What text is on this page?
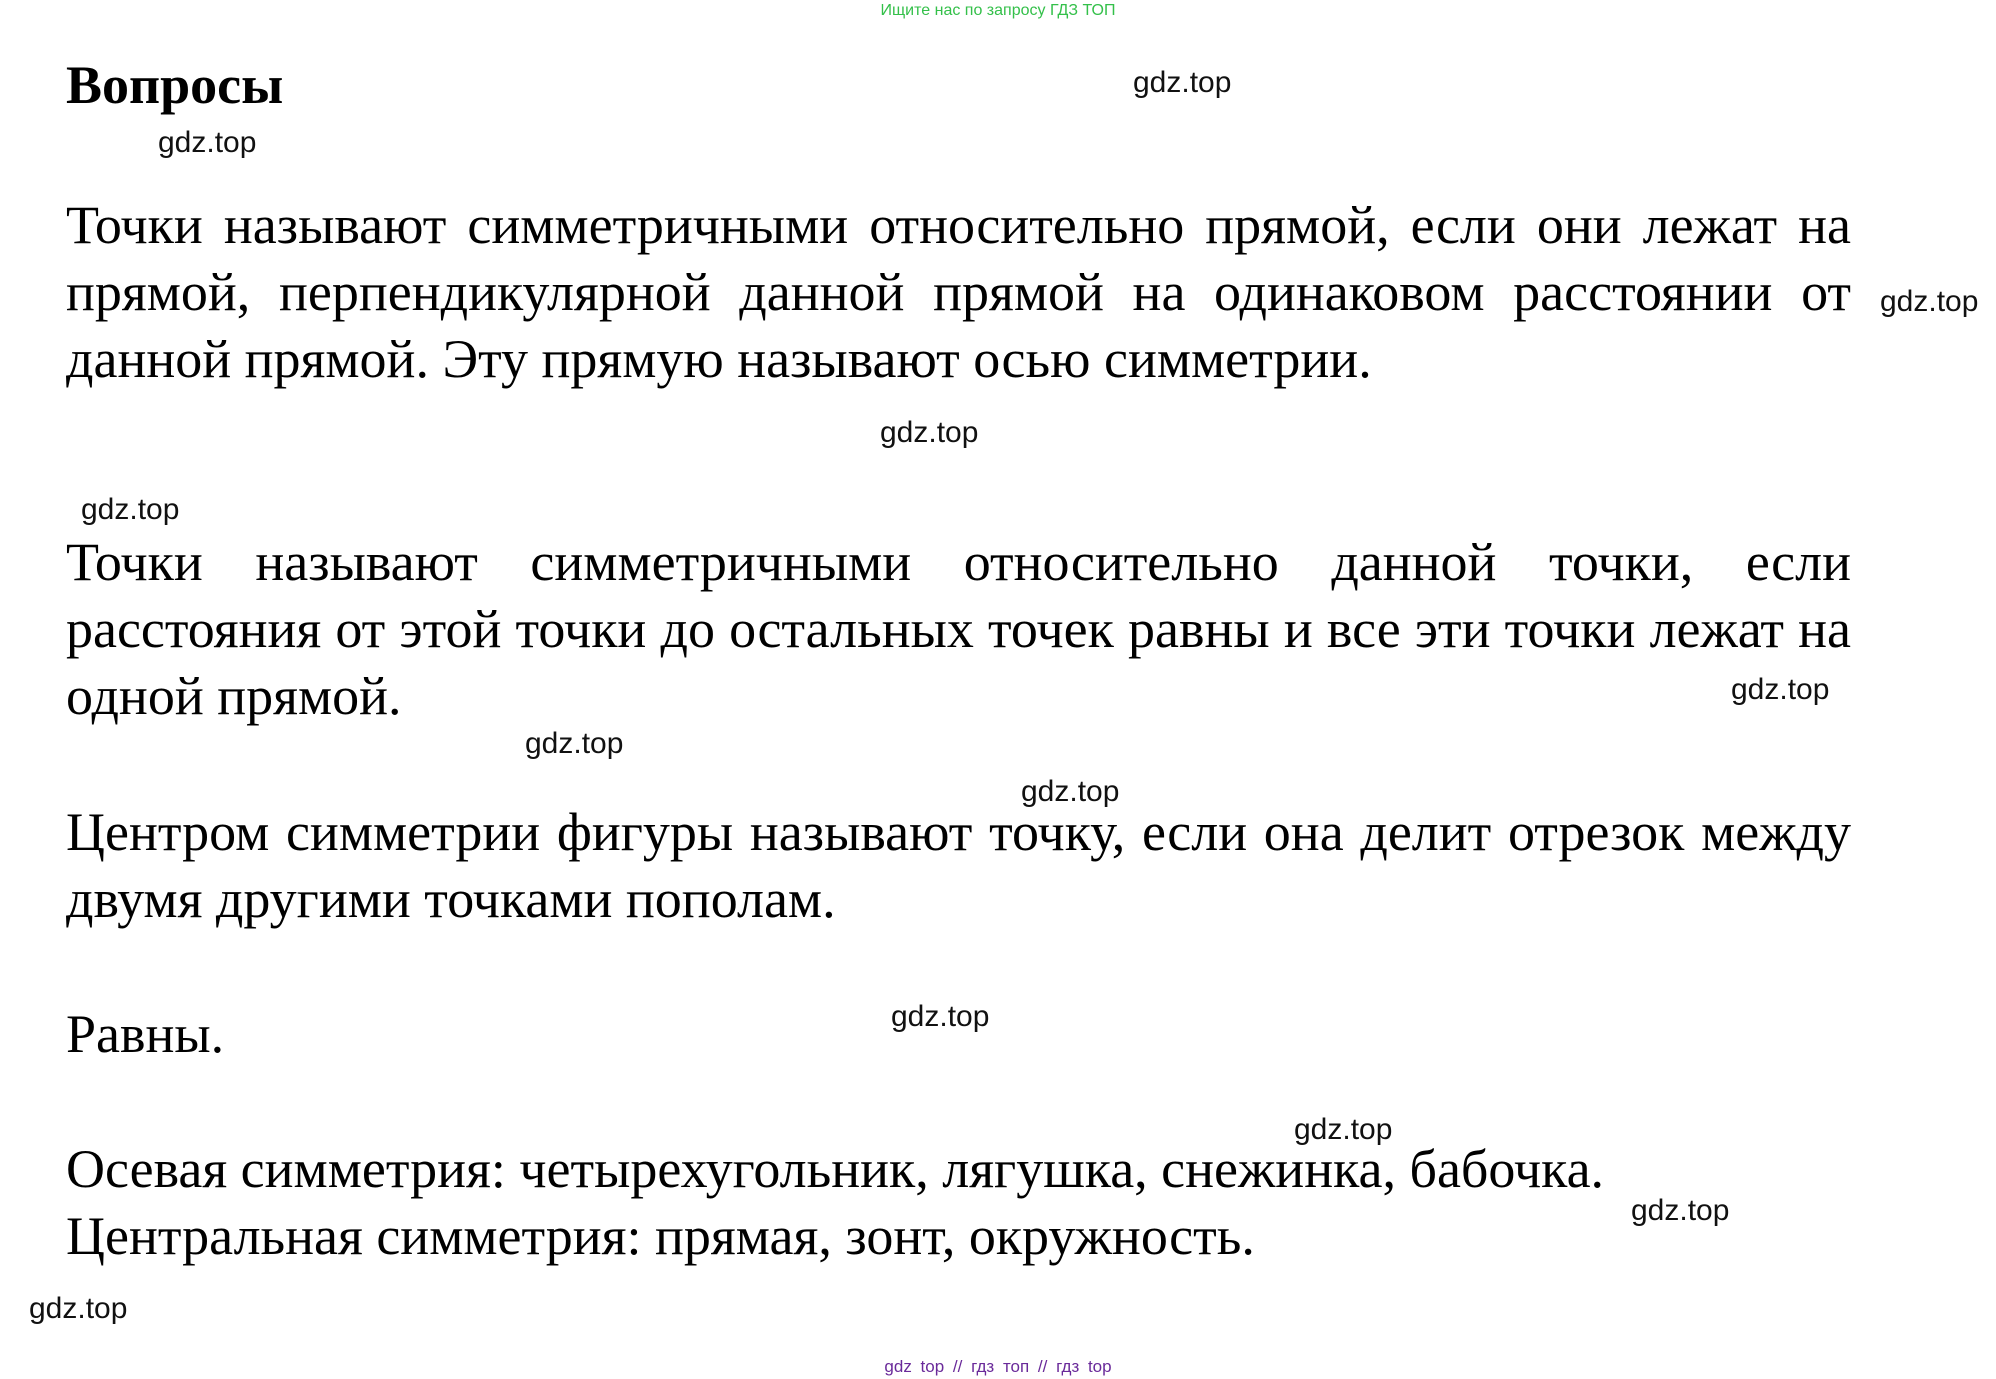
Ищите нас по запросу ГДЗ ТОП
Вопросы

Точки называют симметричными относительно прямой, если они лежат на прямой, перпендикулярной данной прямой на одинаковом расстоянии от данной прямой. Эту прямую называют осью симметрии.

Точки называют симметричными относительно данной точки, если расстояния от этой точки до остальных точек равны и все эти точки лежат на одной прямой.

Центром симметрии фигуры называют точку, если она делит отрезок между двумя другими точками пополам.

Равны.

Осевая симметрия: четырехугольник, лягушка, снежинка, бабочка.

Центральная симметрия: прямая, зонт, окружность.

gdz.top
gdz.top
gdz.top
gdz.top
gdz.top
gdz.top
gdz.top
gdz.top
gdz.top
gdz.top
gdz.top
gdz.top
gdz top // гдз топ // гдз top
